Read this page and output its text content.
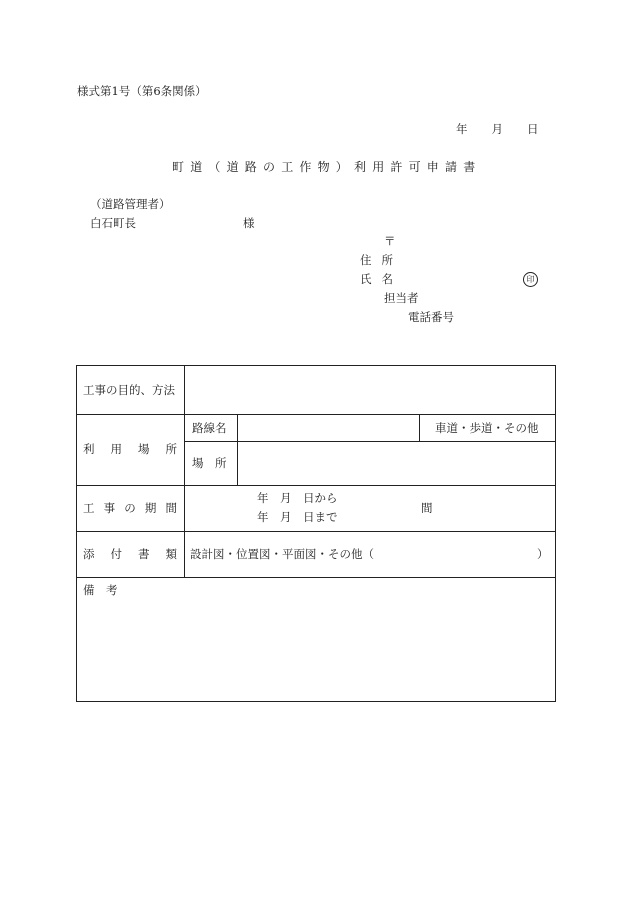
様式第1号（第6条関係）
年 月 日
町道（道路の工作物）利用許可申請書
（道路管理者）
白石町長	様
〒
住所
氏名	印
担当者
電話番号
工事の目的、方法
利 用 場 所
路線名	車道・歩道・その他
場　所
工 事 の 期 間
年　月　日から
年　月　日まで
間
添 付 書 類 設計図・位置図・平面図・その他（	）
備　考
